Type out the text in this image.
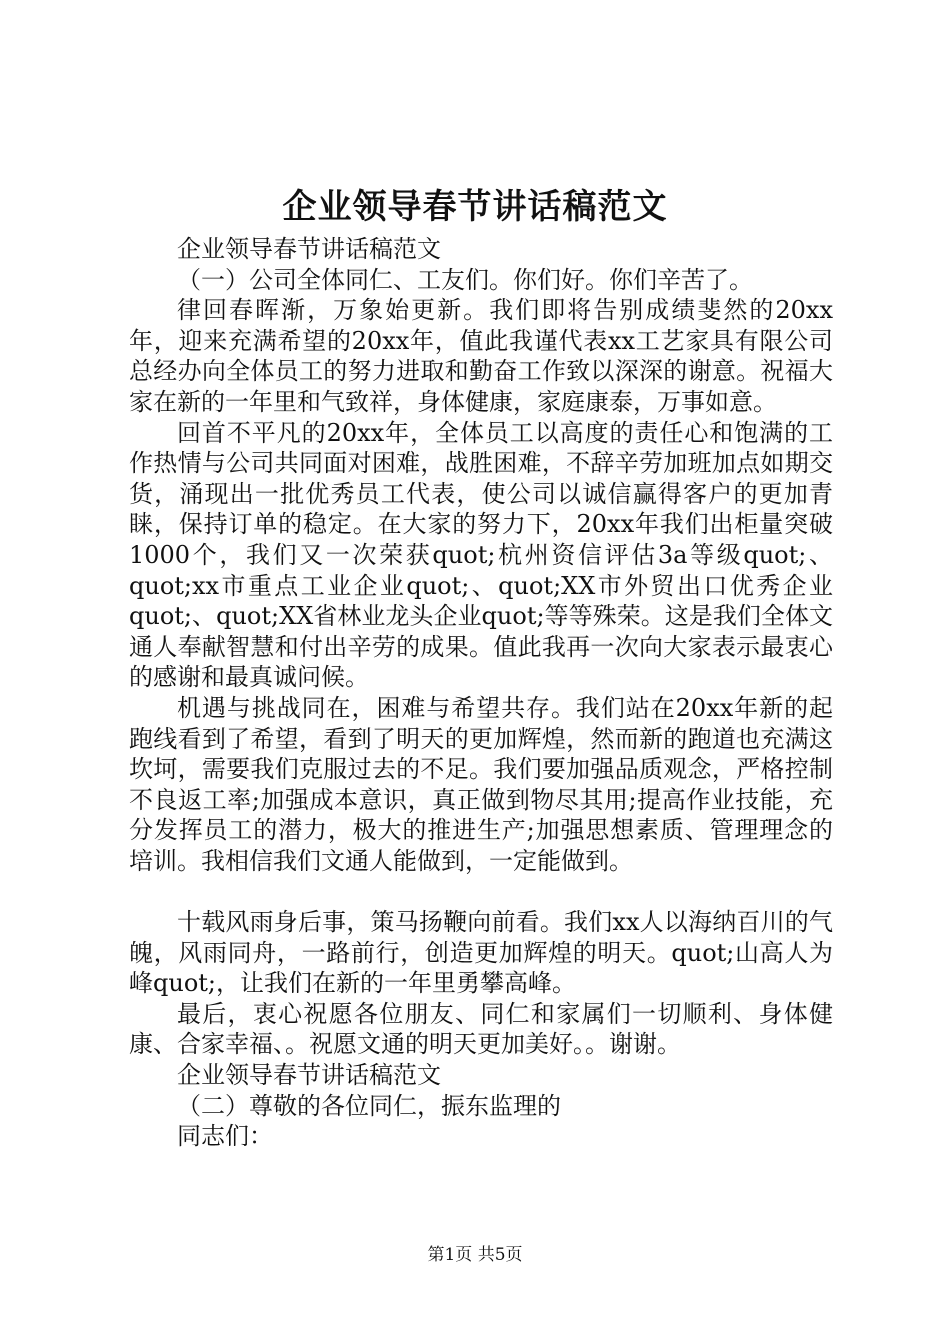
企业领导春节讲话稿范文

企业领导春节讲话稿范文

（一）公司全体同仁、工友们。你们好。你们辛苦了。

律回春晖渐，万象始更新。我们即将告别成绩斐然的20xx年，迎来充满希望的20xx年，值此我谨代表xx工艺家具有限公司总经办向全体员工的努力进取和勤奋工作致以深深的谢意。祝福大家在新的一年里和气致祥，身体健康，家庭康泰，万事如意。

回首不平凡的20xx年，全体员工以高度的责任心和饱满的工作热情与公司共同面对困难，战胜困难，不辞辛劳加班加点如期交货，涌现出一批优秀员工代表，使公司以诚信赢得客户的更加青睐，保持订单的稳定。在大家的努力下，20xx年我们出柜量突破1000个，我们又一次荣获quot;杭州资信评估3a等级quot;、quot;xx市重点工业企业quot;、quot;XX市外贸出口优秀企业quot;、quot;XX省林业龙头企业quot;等等殊荣。这是我们全体文通人奉献智慧和付出辛劳的成果。值此我再一次向大家表示最衷心的感谢和最真诚问候。

机遇与挑战同在，困难与希望共存。我们站在20xx年新的起跑线看到了希望，看到了明天的更加辉煌，然而新的跑道也充满这坎坷，需要我们克服过去的不足。我们要加强品质观念，严格控制不良返工率;加强成本意识，真正做到物尽其用;提高作业技能，充分发挥员工的潜力，极大的推进生产;加强思想素质、管理理念的培训。我相信我们文通人能做到，一定能做到。

十载风雨身后事，策马扬鞭向前看。我们xx人以海纳百川的气魄，风雨同舟，一路前行，创造更加辉煌的明天。quot;山高人为峰quot;，让我们在新的一年里勇攀高峰。

最后，衷心祝愿各位朋友、同仁和家属们一切顺利、身体健康、合家幸福、。祝愿文通的明天更加美好。。谢谢。

企业领导春节讲话稿范文

（二）尊敬的各位同仁，振东监理的

同志们：

第1页 共5页
